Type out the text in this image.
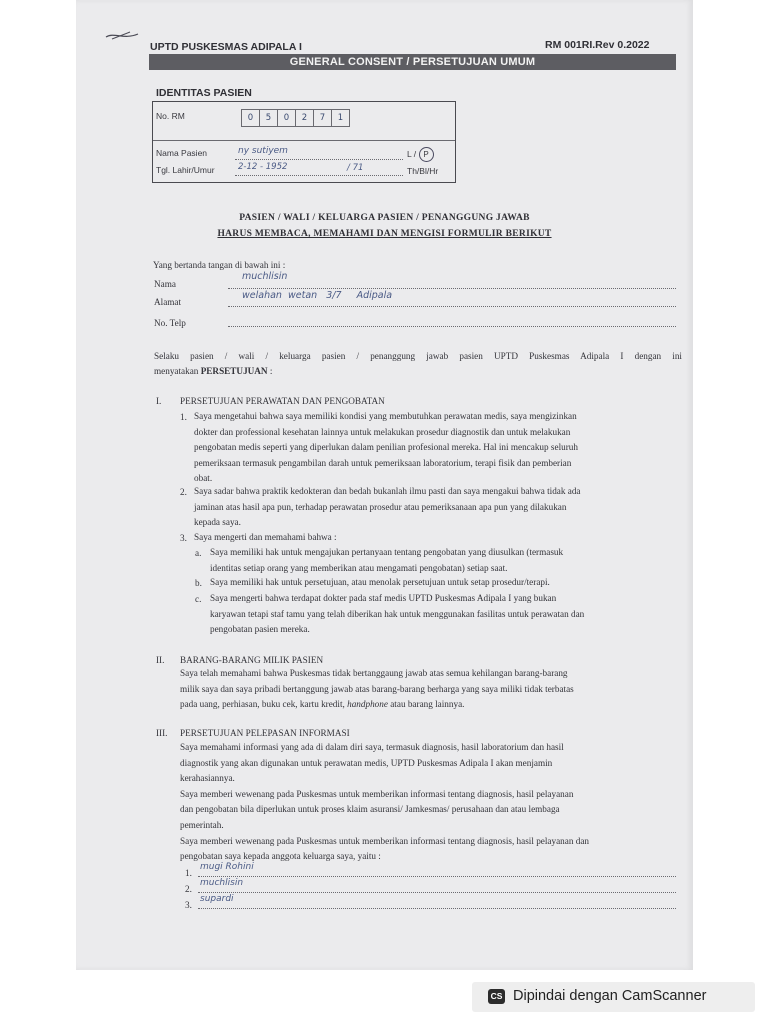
UPTD PUSKESMAS ADIPALA I	RM 001RI.Rev 0.2022
GENERAL CONSENT / PERSETUJUAN UMUM
IDENTITAS PASIEN
No. RM	0	5	0	2	7	1
Nama Pasien	ny sutiyem	L / P
Tgl. Lahir/Umur	2-12 - 1952	/ 71	Th/Bl/Hr
PASIEN / WALI / KELUARGA PASIEN / PENANGGUNG JAWAB
HARUS MEMBACA, MEMAHAMI DAN MENGISI FORMULIR BERIKUT
Yang bertanda tangan di bawah ini :
Nama
muchlisin
Alamat
welahan  wetan   3/7     Adipala
No. Telp
Selaku pasien / wali / keluarga pasien / penanggung jawab pasien UPTD Puskesmas Adipala I dengan ini
menyatakan PERSETUJUAN :
I. PERSETUJUAN PERAWATAN DAN PENGOBATAN
1. Saya mengetahui bahwa saya memiliki kondisi yang membutuhkan perawatan medis, saya mengizinkan
dokter dan professional kesehatan lainnya untuk melakukan prosedur diagnostik dan untuk melakukan
pengobatan medis seperti yang diperlukan dalam penilian profesional mereka. Hal ini mencakup seluruh
pemeriksaan termasuk pengambilan darah untuk pemeriksaan laboratorium, terapi fisik dan pemberian
obat.
2. Saya sadar bahwa praktik kedokteran dan bedah bukanlah ilmu pasti dan saya mengakui bahwa tidak ada
jaminan atas hasil apa pun, terhadap perawatan prosedur atau pemeriksanaan apa pun yang dilakukan
kepada saya.
3. Saya mengerti dan memahami bahwa :
a. Saya memiliki hak untuk mengajukan pertanyaan tentang pengobatan yang diusulkan (termasuk
identitas setiap orang yang memberikan atau mengamati pengobatan) setiap saat.
b. Saya memiliki hak untuk persetujuan, atau menolak persetujuan untuk setap prosedur/terapi.
c. Saya mengerti bahwa terdapat dokter pada staf medis UPTD Puskesmas Adipala I yang bukan
karyawan tetapi staf tamu yang telah diberikan hak untuk menggunakan fasilitas untuk perawatan dan
pengobatan pasien mereka.
II. BARANG-BARANG MILIK PASIEN
Saya telah memahami bahwa Puskesmas tidak bertanggaung jawab atas semua kehilangan barang-barang
milik saya dan saya pribadi bertanggung jawab atas barang-barang berharga yang saya miliki tidak terbatas
pada uang, perhiasan, buku cek, kartu kredit, handphone atau barang lainnya.
III. PERSETUJUAN PELEPASAN INFORMASI
Saya memahami informasi yang ada di dalam diri saya, termasuk diagnosis, hasil laboratorium dan hasil
diagnostik yang akan digunakan untuk perawatan medis, UPTD Puskesmas Adipala I akan menjamin
kerahasiannya.
Saya memberi wewenang pada Puskesmas untuk memberikan informasi tentang diagnosis, hasil pelayanan
dan pengobatan bila diperlukan untuk proses klaim asuransi/ Jamkesmas/ perusahaan dan atau lembaga
pemerintah.
Saya memberi wewenang pada Puskesmas untuk memberikan informasi tentang diagnosis, hasil pelayanan dan
pengobatan saya kepada anggota keluarga saya, yaitu :
1.
mugi Rohini
2.
muchlisin
3.
supardi
CS Dipindai dengan CamScanner
